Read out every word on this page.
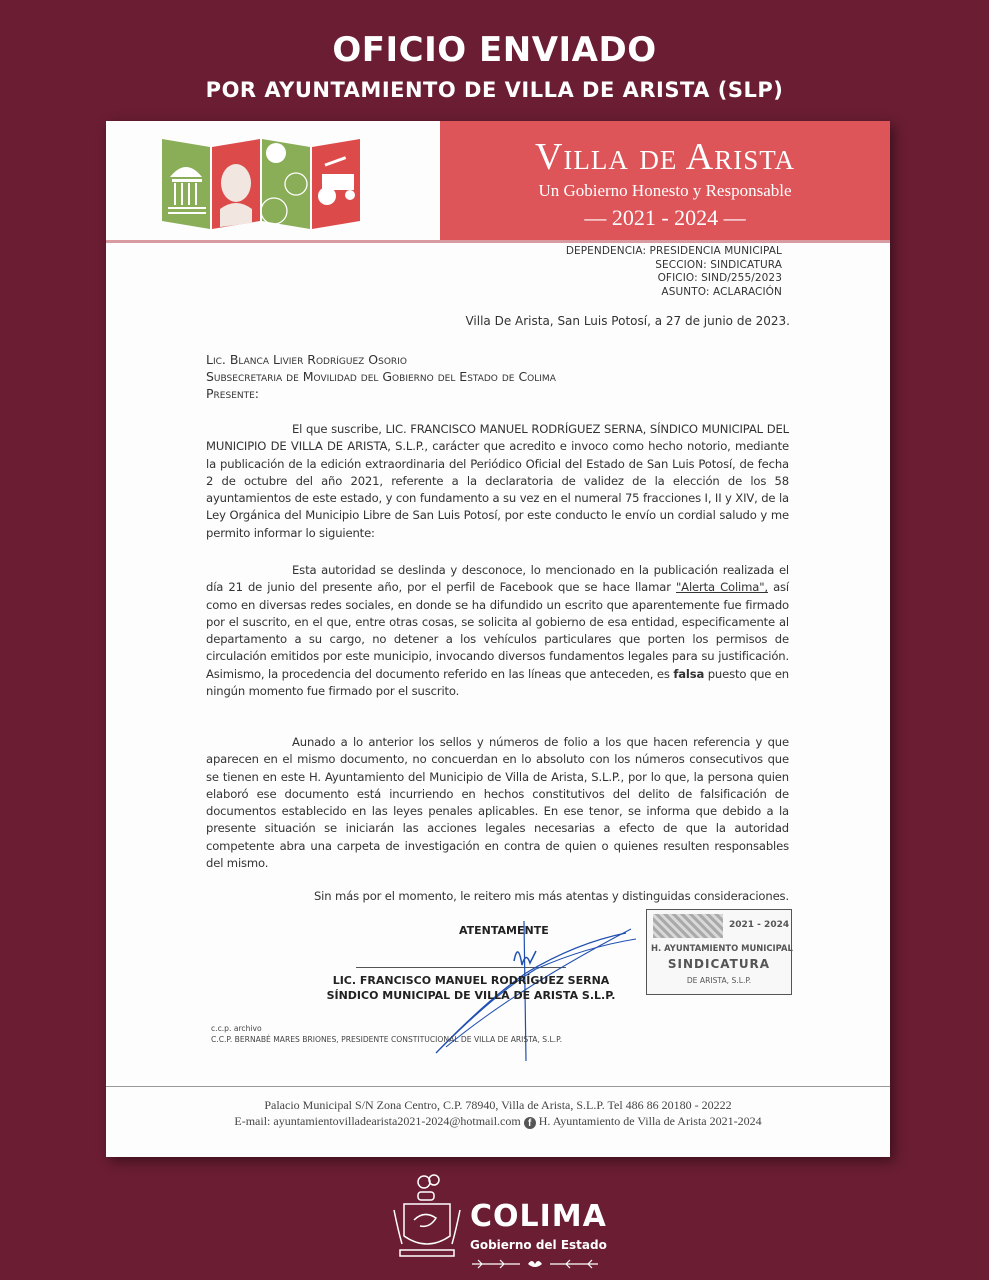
OFICIO ENVIADO
POR AYUNTAMIENTO DE VILLA DE ARISTA (SLP)
Villa de Arista
Un Gobierno Honesto y Responsable
— 2021 - 2024 —
DEPENDENCIA: PRESIDENCIA MUNICIPAL
SECCION: SINDICATURA
OFICIO: SIND/255/2023
ASUNTO: ACLARACIÓN
Villa De Arista, San Luis Potosí, a 27 de junio de 2023.
Lic. Blanca Livier Rodríguez Osorio
Subsecretaria de Movilidad del Gobierno del Estado de Colima
Presente:
El que suscribe, LIC. FRANCISCO MANUEL RODRÍGUEZ SERNA, SÍNDICO MUNICIPAL DEL MUNICIPIO DE VILLA DE ARISTA, S.L.P., carácter que acredito e invoco como hecho notorio, mediante la publicación de la edición extraordinaria del Periódico Oficial del Estado de San Luis Potosí, de fecha 2 de octubre del año 2021, referente a la declaratoria de validez de la elección de los 58 ayuntamientos de este estado, y con fundamento a su vez en el numeral 75 fracciones I, II y XIV, de la Ley Orgánica del Municipio Libre de San Luis Potosí, por este conducto le envío un cordial saludo y me permito informar lo siguiente:
Esta autoridad se deslinda y desconoce, lo mencionado en la publicación realizada el día 21 de junio del presente año, por el perfil de Facebook que se hace llamar "Alerta Colima", así como en diversas redes sociales, en donde se ha difundido un escrito que aparentemente fue firmado por el suscrito, en el que, entre otras cosas, se solicita al gobierno de esa entidad, especificamente al departamento a su cargo, no detener a los vehículos particulares que porten los permisos de circulación emitidos por este municipio, invocando diversos fundamentos legales para su justificación. Asimismo, la procedencia del documento referido en las líneas que anteceden, es falsa puesto que en ningún momento fue firmado por el suscrito.
Aunado a lo anterior los sellos y números de folio a los que hacen referencia y que aparecen en el mismo documento, no concuerdan en lo absoluto con los números consecutivos que se tienen en este H. Ayuntamiento del Municipio de Villa de Arista, S.L.P., por lo que, la persona quien elaboró ese documento está incurriendo en hechos constitutivos del delito de falsificación de documentos establecido en las leyes penales aplicables. En ese tenor, se informa que debido a la presente situación se iniciarán las acciones legales necesarias a efecto de que la autoridad competente abra una carpeta de investigación en contra de quien o quienes resulten responsables del mismo.
Sin más por el momento, le reitero mis más atentas y distinguidas consideraciones.
2021 - 2024
H. AYUNTAMIENTO MUNICIPAL
SINDICATURA
DE ARISTA, S.L.P.
ATENTAMENTE
LIC. FRANCISCO MANUEL RODRÍGUEZ SERNA
SÍNDICO MUNICIPAL DE VILLA DE ARISTA S.L.P.
c.c.p. archivo
C.C.P. BERNABÉ MARES BRIONES, PRESIDENTE CONSTITUCIONAL DE VILLA DE ARISTA, S.L.P.
Palacio Municipal S/N Zona Centro, C.P. 78940, Villa de Arista, S.L.P. Tel 486 86 20180 - 20222
E-mail: ayuntamientovilladearista2021-2024@hotmail.com f H. Ayuntamiento de Villa de Arista 2021-2024
COLIMA
Gobierno del Estado
